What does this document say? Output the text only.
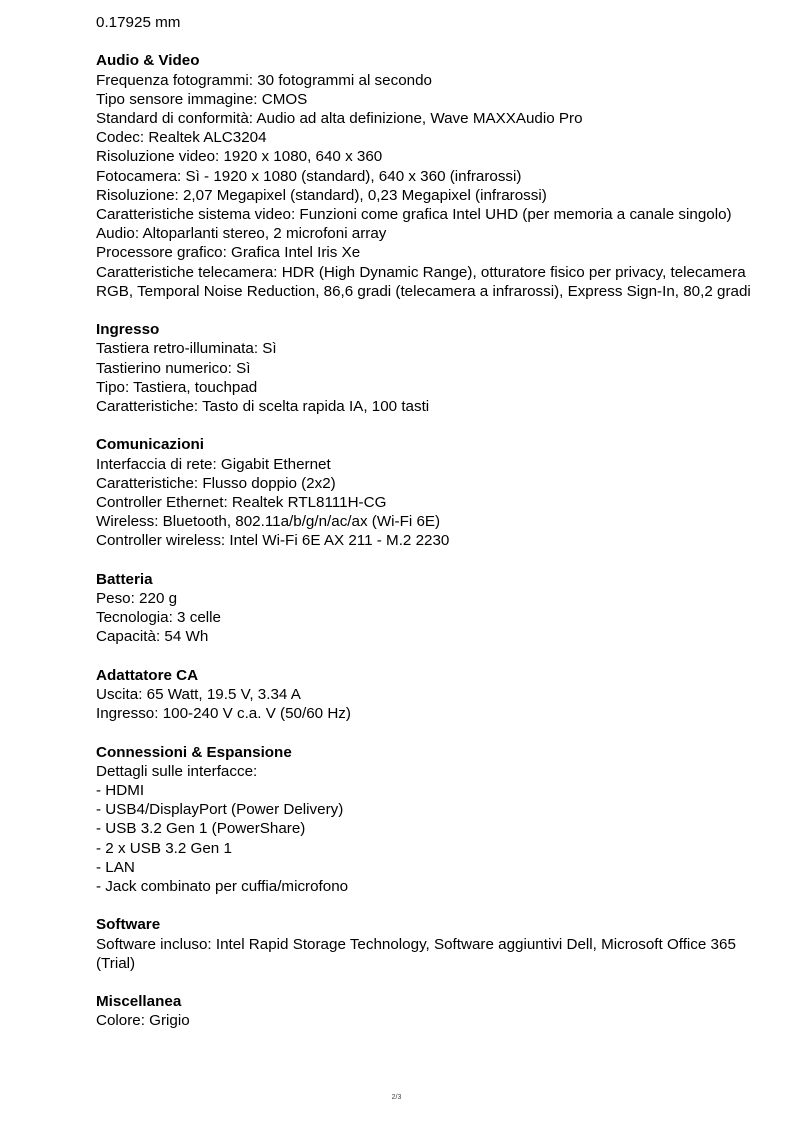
0.17925 mm
Audio & Video
Frequenza fotogrammi: 30 fotogrammi al secondo
Tipo sensore immagine: CMOS
Standard di conformità: Audio ad alta definizione, Wave MAXXAudio Pro
Codec: Realtek ALC3204
Risoluzione video: 1920 x 1080, 640 x 360
Fotocamera: Sì - 1920 x 1080 (standard), 640 x 360 (infrarossi)
Risoluzione: 2,07 Megapixel (standard), 0,23 Megapixel (infrarossi)
Caratteristiche sistema video: Funzioni come grafica Intel UHD (per memoria a canale singolo)
Audio: Altoparlanti stereo, 2 microfoni array
Processore grafico: Grafica Intel Iris Xe
Caratteristiche telecamera: HDR (High Dynamic Range), otturatore fisico per privacy, telecamera RGB, Temporal Noise Reduction, 86,6 gradi (telecamera a infrarossi), Express Sign-In, 80,2 gradi
Ingresso
Tastiera retro-illuminata: Sì
Tastierino numerico: Sì
Tipo: Tastiera, touchpad
Caratteristiche: Tasto di scelta rapida IA, 100 tasti
Comunicazioni
Interfaccia di rete: Gigabit Ethernet
Caratteristiche: Flusso doppio (2x2)
Controller Ethernet: Realtek RTL8111H-CG
Wireless: Bluetooth, 802.11a/b/g/n/ac/ax (Wi-Fi 6E)
Controller wireless: Intel Wi-Fi 6E AX 211 - M.2 2230
Batteria
Peso: 220 g
Tecnologia: 3 celle
Capacità: 54 Wh
Adattatore CA
Uscita: 65 Watt, 19.5 V, 3.34 A
Ingresso: 100-240 V c.a. V (50/60 Hz)
Connessioni & Espansione
Dettagli sulle interfacce:
- HDMI
- USB4/DisplayPort (Power Delivery)
- USB 3.2 Gen 1 (PowerShare)
- 2 x USB 3.2 Gen 1
- LAN
- Jack combinato per cuffia/microfono
Software
Software incluso: Intel Rapid Storage Technology, Software aggiuntivi Dell, Microsoft Office 365 (Trial)
Miscellanea
Colore: Grigio
2/3
